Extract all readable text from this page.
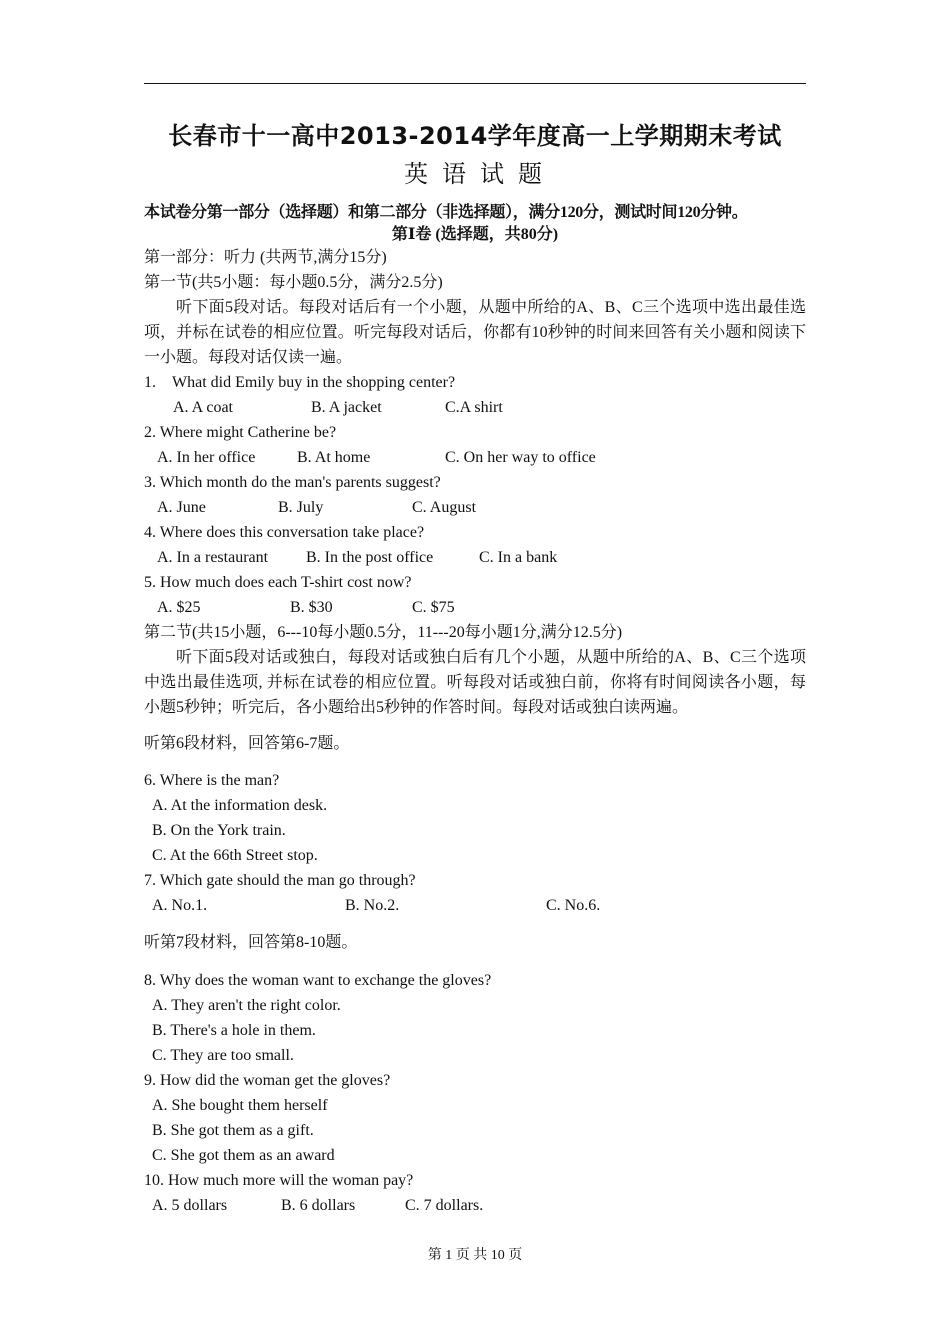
长春市十一高中2013-2014学年度高一上学期期末考试
英 语 试 题
本试卷分第一部分（选择题）和第二部分（非选择题），满分120分，测试时间120分钟。
第Ⅰ卷 (选择题，共80分)
第一部分：听力 (共两节,满分15分)
第一节(共5小题：每小题0.5分，满分2.5分)
听下面5段对话。每段对话后有一个小题，从题中所给的A、B、C三个选项中选出最佳选项，并标在试卷的相应位置。听完每段对话后，你都有10秒钟的时间来回答有关小题和阅读下一小题。每段对话仅读一遍。
1.　What did Emily buy in the shopping center?
A. A coat	B. A jacket	C.A shirt
2. Where might Catherine be?
A. In her office	B. At home	C. On her way to office
3. Which month do the man's parents suggest?
A. June	B. July	C. August
4. Where does this conversation take place?
A. In a restaurant B. In the post office	C. In a bank
5. How much does each T-shirt cost now?
A. $25	B. $30	C. $75
第二节(共15小题，6---10每小题0.5分，11---20每小题1分,满分12.5分)
听下面5段对话或独白，每段对话或独白后有几个小题，从题中所给的A、B、C三个选项中选出最佳选项, 并标在试卷的相应位置。听每段对话或独白前，你将有时间阅读各小题，每小题5秒钟；听完后，各小题给出5秒钟的作答时间。每段对话或独白读两遍。
听第6段材料，回答第6-7题。
6. Where is the man?
A. At the information desk.
B. On the York train.
C. At the 66th Street stop.
7. Which gate should the man go through?
A. No.1.	B. No.2.	C. No.6.
听第7段材料，回答第8-10题。
8. Why does the woman want to exchange the gloves?
A. They aren't the right color.
B. There's a hole in them.
C. They are too small.
9. How did the woman get the gloves?
A. She bought them herself
B. She got them as a gift.
C. She got them as an award
10. How much more will the woman pay?
A. 5 dollars	B. 6 dollars	C. 7 dollars.
第 1 页 共 10 页
